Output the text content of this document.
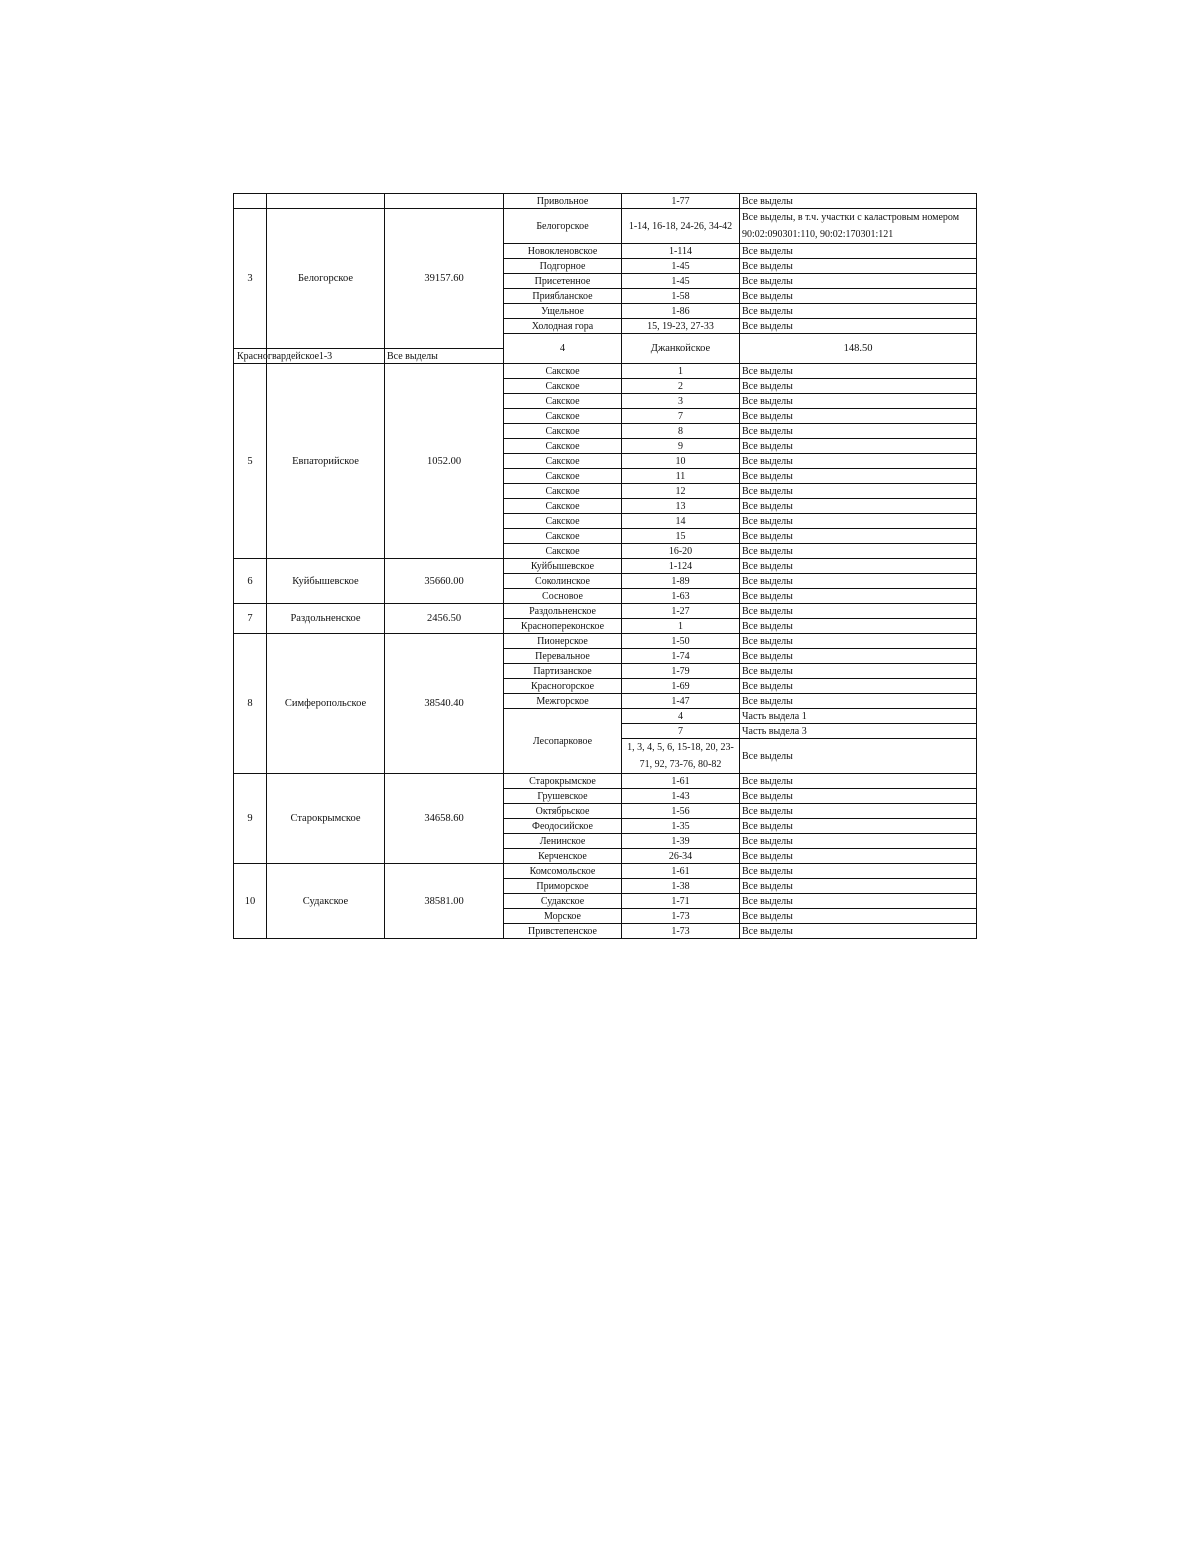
			Привольное	1-77	Все выделы	
3	Белогорское	39157.60	Белогорское	1-14, 16-18, 24-26, 34-42	Все выделы, в т.ч. участки с каластровым номером 90:02:090301:110, 90:02:170301:121	
			Новокленовское	1-114	Все выделы	
			Подгорное	1-45	Все выделы	
			Присетенное	1-45	Все выделы	
			Приябланское	1-58	Все выделы	
			Ущельное	1-86	Все выделы	
			Холодная гора	15, 19-23, 27-33	Все выделы	
			4	Джанкойское	148.50			
Красногвардейское	1-3	Все выделы				
5	Евпаторийское	1052.00	Сакское	1	Все выделы	
			Сакское	2	Все выделы	
			Сакское	3	Все выделы	
			Сакское	7	Все выделы	
			Сакское	8	Все выделы	
			Сакское	9	Все выделы	
			Сакское	10	Все выделы	
			Сакское	11	Все выделы	
			Сакское	12	Все выделы	
			Сакское	13	Все выделы	
			Сакское	14	Все выделы	
			Сакское	15	Все выделы	
			Сакское	16-20	Все выделы	
6	Куйбышевское	35660.00	Куйбышевское	1-124	Все выделы	
			Соколинское	1-89	Все выделы	
			Сосновое	1-63	Все выделы	
7	Раздольненское	2456.50	Раздольненское	1-27	Все выделы	
			Краснопереконское	1	Все выделы	
8	Симферопольское	38540.40	Пионерское	1-50	Все выделы	
			Перевальное	1-74	Все выделы	
			Партизанское	1-79	Все выделы	
			Красногорское	1-69	Все выделы	
			Межгорское	1-47	Все выделы	
			Лесопарковое	4	Часть выдела 1	
				7	Часть выдела 3	
				1, 3, 4, 5, 6, 15-18, 20, 23-71, 92, 73-76, 80-82	Все выделы	
9	Старокрымское	34658.60	Старокрымское	1-61	Все выделы	
			Грушевское	1-43	Все выделы	
			Октябрьское	1-56	Все выделы	
			Феодосийское	1-35	Все выделы	
			Ленинское	1-39	Все выделы	
			Керченское	26-34	Все выделы	
10	Судакское	38581.00	Комсомольское	1-61	Все выделы	
			Приморское	1-38	Все выделы	
			Судакское	1-71	Все выделы	
			Морское	1-73	Все выделы	
			Привстепенское	1-73	Все выделы	
